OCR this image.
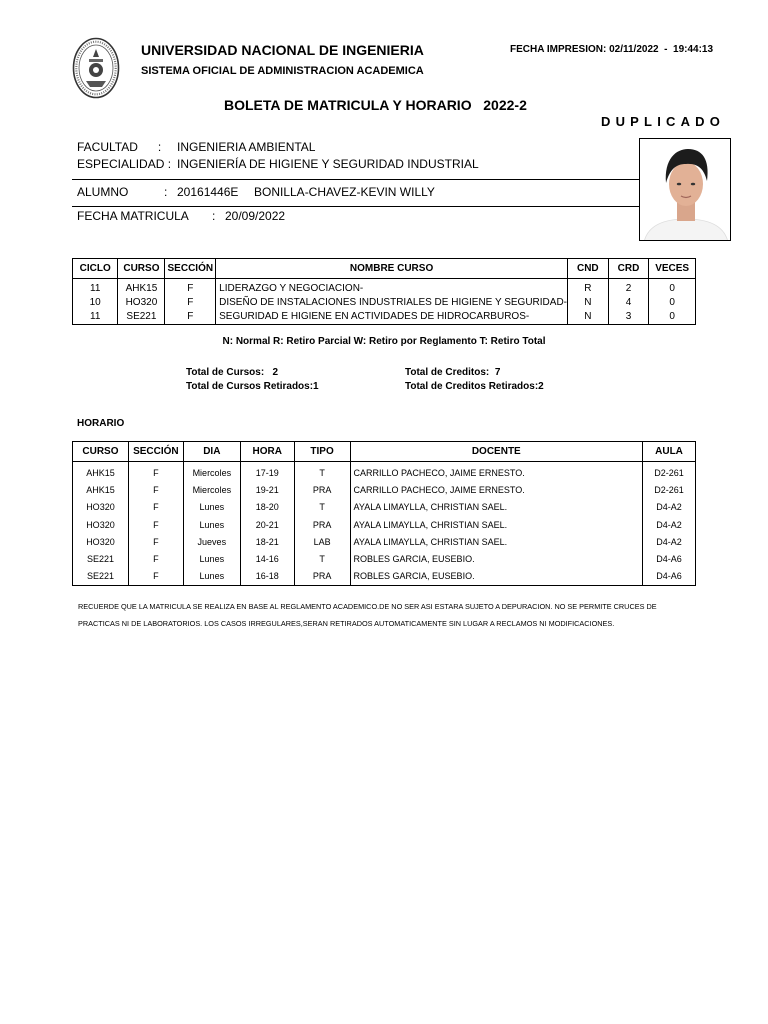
UNIVERSIDAD NACIONAL DE INGENIERIA
SISTEMA OFICIAL DE ADMINISTRACION ACADEMICA
FECHA IMPRESION: 02/11/2022  -  19:44:13
BOLETA DE MATRICULA Y HORARIO   2022-2
DUPLICADO
FACULTAD      : INGENIERIA AMBIENTAL
ESPECIALIDAD : INGENIERÍA DE HIGIENE Y SEGURIDAD INDUSTRIAL
ALUMNO	: 20161446E BONILLA-CHAVEZ-KEVIN WILLY
FECHA MATRICULA : 20/09/2022
CICLO	CURSO	SECCIÓN	NOMBRE CURSO	CND	CRD	VECES
11	AHK15	F	LIDERAZGO Y NEGOCIACION-	R	2	0
10	HO320	F	DISEÑO DE INSTALACIONES INDUSTRIALES DE HIGIENE Y SEGURIDAD-	N	4	0
11	SE221	F	SEGURIDAD E HIGIENE EN ACTIVIDADES DE HIDROCARBUROS-	N	3	0
N: Normal R: Retiro Parcial W: Retiro por Reglamento T: Retiro Total
Total de Cursos:   2
Total de Cursos Retirados:1
Total de Creditos:  7
Total de Creditos Retirados:2
HORARIO
CURSO	SECCIÓN	DIA	HORA	TIPO	DOCENTE	AULA
AHK15	F	Miercoles	17-19	T	CARRILLO PACHECO, JAIME ERNESTO.	D2-261
AHK15	F	Miercoles	19-21	PRA	CARRILLO PACHECO, JAIME ERNESTO.	D2-261
HO320	F	Lunes	18-20	T	AYALA LIMAYLLA, CHRISTIAN SAEL.	D4-A2
HO320	F	Lunes	20-21	PRA	AYALA LIMAYLLA, CHRISTIAN SAEL.	D4-A2
HO320	F	Jueves	18-21	LAB	AYALA LIMAYLLA, CHRISTIAN SAEL.	D4-A2
SE221	F	Lunes	14-16	T	ROBLES GARCIA, EUSEBIO.	D4-A6
SE221	F	Lunes	16-18	PRA	ROBLES GARCIA, EUSEBIO.	D4-A6
RECUERDE QUE LA MATRICULA SE REALIZA EN BASE AL REGLAMENTO ACADEMICO.DE NO SER ASI ESTARA SUJETO A DEPURACION. NO SE PERMITE CRUCES DE
PRACTICAS NI DE LABORATORIOS. LOS CASOS IRREGULARES,SERAN RETIRADOS AUTOMATICAMENTE SIN LUGAR A RECLAMOS NI MODIFICACIONES.
